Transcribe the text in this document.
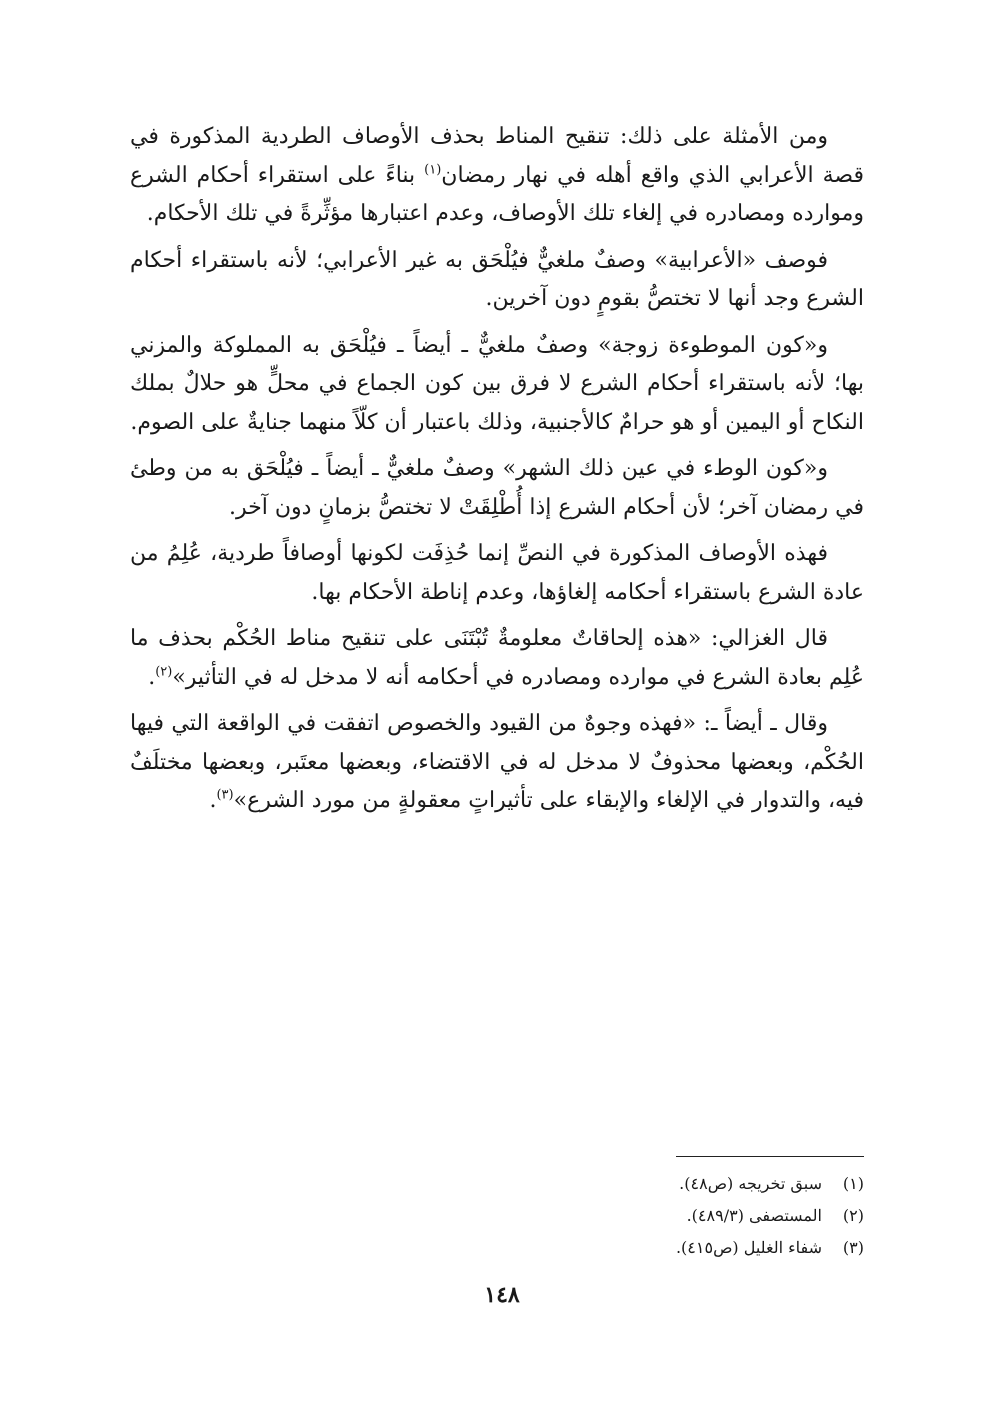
ومن الأمثلة على ذلك: تنقيح المناط بحذف الأوصاف الطردية المذكورة في قصة الأعرابي الذي واقع أهله في نهار رمضان$^{(١)}$ بناءً على استقراء أحكام الشرع وموارده ومصادره في إلغاء تلك الأوصاف، وعدم اعتبارها مؤثِّرةً في تلك الأحكام.

فوصف «الأعرابية» وصفٌ ملغيٌّ فيُلْحَق به غير الأعرابي؛ لأنه باستقراء أحكام الشرع وجد أنها لا تختصُّ بقومٍ دون آخرين.

و«كون الموطوءة زوجة» وصفٌ ملغيٌّ ـ أيضاً ـ فيُلْحَق به المملوكة والمزني بها؛ لأنه باستقراء أحكام الشرع لا فرق بين كون الجماع في محلٍّ هو حلالٌ بملك النكاح أو اليمين أو هو حرامٌ كالأجنبية، وذلك باعتبار أن كلّاً منهما جنايةٌ على الصوم.

و«كون الوطء في عين ذلك الشهر» وصفٌ ملغيٌّ ـ أيضاً ـ فيُلْحَق به من وطئ في رمضان آخر؛ لأن أحكام الشرع إذا أُطْلِقَتْ لا تختصُّ بزمانٍ دون آخر.

فهذه الأوصاف المذكورة في النصِّ إنما حُذِفَت لكونها أوصافاً طردية، عُلِمُ من عادة الشرع باستقراء أحكامه إلغاؤها، وعدم إناطة الأحكام بها.

قال الغزالي: «هذه إلحاقاتٌ معلومةٌ تُبْتَنَى على تنقيح مناط الحُكْم بحذف ما عُلِم بعادة الشرع في موارده ومصادره في أحكامه أنه لا مدخل له في التأثير»$^{(٢)}$.

وقال ـ أيضاً ـ: «فهذه وجوهٌ من القيود والخصوص اتفقت في الواقعة التي فيها الحُكْم، وبعضها محذوفٌ لا مدخل له في الاقتضاء، وبعضها معتَبر، وبعضها مختلَفٌ فيه، والتدوار في الإلغاء والإبقاء على تأثيراتٍ معقولةٍ من مورد الشرع»$^{(٣)}$.

(١)
سبق تخريجه (ص٤٨).
(٢)
المستصفى (٤٨٩/٣).
(٣)
شفاء الغليل (ص٤١٥).
١٤٨
